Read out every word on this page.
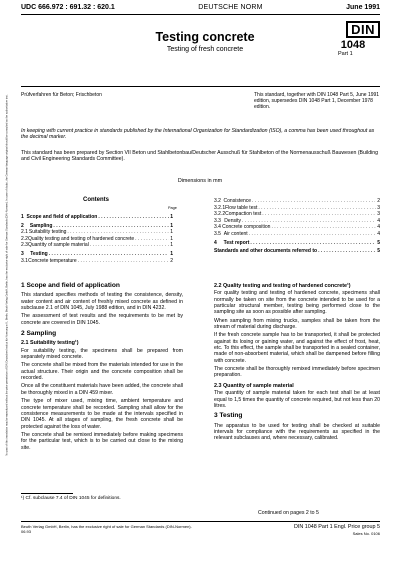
No part of this translation may be reproduced without the prior permission of DIN Deutsches Institut für Normung e.V., Berlin. Beuth Verlag GmbH, Berlin, has the exclusive right of sale for German Standards (DIN-Normen). In case of doubt, the German-language original should be consulted as the authoritative text.
UDC 666.972 : 691.32 : 620.1	DEUTSCHE NORM	June 1991
Testing concrete
Testing of fresh concrete
DIN
1048
Part 1
Prüfverfahren für Beton; Frischbeton	This standard, together with DIN 1048 Part 5, June 1991 edition, supersedes DIN 1048 Part 1, December 1978 edition.
In keeping with current practice in standards published by the International Organization for Standardization (ISO), a comma has been used throughout as the decimal marker.
This standard has been prepared by Section VII Beton und Stahlbetonbau/Deutscher Ausschuß für Stahlbeton of the Normenausschuß Bauwesen (Building and Civil Engineering Standards Committee).
Dimensions in mm
Contents
Page
1 Scope and field of application . . .	1
2	Sampling . . .	1
2.1 Suitability testing . . .	1
2.2 Quality testing and testing of hardened concrete . . .	1
2.3 Quantity of sample material . . .	1
3	Testing . . .	1
3.1 Concrete temperature . . .	2
3.2 Consistence . . .	2
3.2.1 Flow table test . . .	3
3.2.2 Compaction test . . .	3
3.3 Density . . .	4
3.4 Concrete composition . . .	4
3.5 Air content . . .	4
4	Test report . . .	5
Standards and other documents referred to . . .	5
1 Scope and field of application

This standard specifies methods of testing the consistence, density, water content and air content of freshly mixed concrete as defined in subclause 2.1 of DIN 1045, July 1988 edition, and in DIN 4232.

The assessment of test results and the requirements to be met by concrete are covered in DIN 1045.

2 Sampling
2.1 Suitability testing¹)

For suitability testing, the specimens shall be prepared from separately mixed concrete.

The concrete shall be mixed from the materials intended for use in the actual structure. Their origin and the concrete composition shall be recorded.

Once all the constituent materials have been added, the concrete shall be thoroughly mixed in a DIN 459 mixer.

The type of mixer used, mixing time, ambient temperature and concrete temperature shall be recorded. Sampling shall allow for the consistence measurements to be made at the intervals specified in DIN 1045. At all stages of sampling, the fresh concrete shall be protected against the loss of water.

The concrete shall be remixed immediately before making specimens for the particular test, which is to be carried out close to the mixing site.

2.2 Quality testing and testing of hardened concrete¹)

For quality testing and testing of hardened concrete, specimens shall normally be taken on site from the concrete intended to be used for a particular structural member, testing being performed close to the sampling site as soon as possible after sampling.

When sampling from mixing trucks, samples shall be taken from the stream of material during discharge.

If the fresh concrete sample has to be transported, it shall be protected against its losing or gaining water, and against the effect of frost, heat, etc. To this effect, the sample shall be transported in a sealed container, made of non-absorbent material, which shall be dampened before filling with concrete.

The concrete shall be thoroughly remixed immediately before specimen preparation.

2.3 Quantity of sample material

The quantity of sample material taken for each test shall be at least equal to 1,5 times the quantity of concrete required, but not less than 20 litres.

3 Testing

The apparatus to be used for testing shall be checked at suitable intervals for compliance with the requirements as specified in the relevant subclauses and, where necessary, calibrated.

¹) Cf. subclause 7.4 of DIN 1045 for definitions.
Continued on pages 2 to 5
Beuth Verlag GmbH, Berlin, has the exclusive right of sale for German Standards (DIN-Normen).
06.93
DIN 1048 Part 1 Engl. Price group 5
Sales No. 0106
